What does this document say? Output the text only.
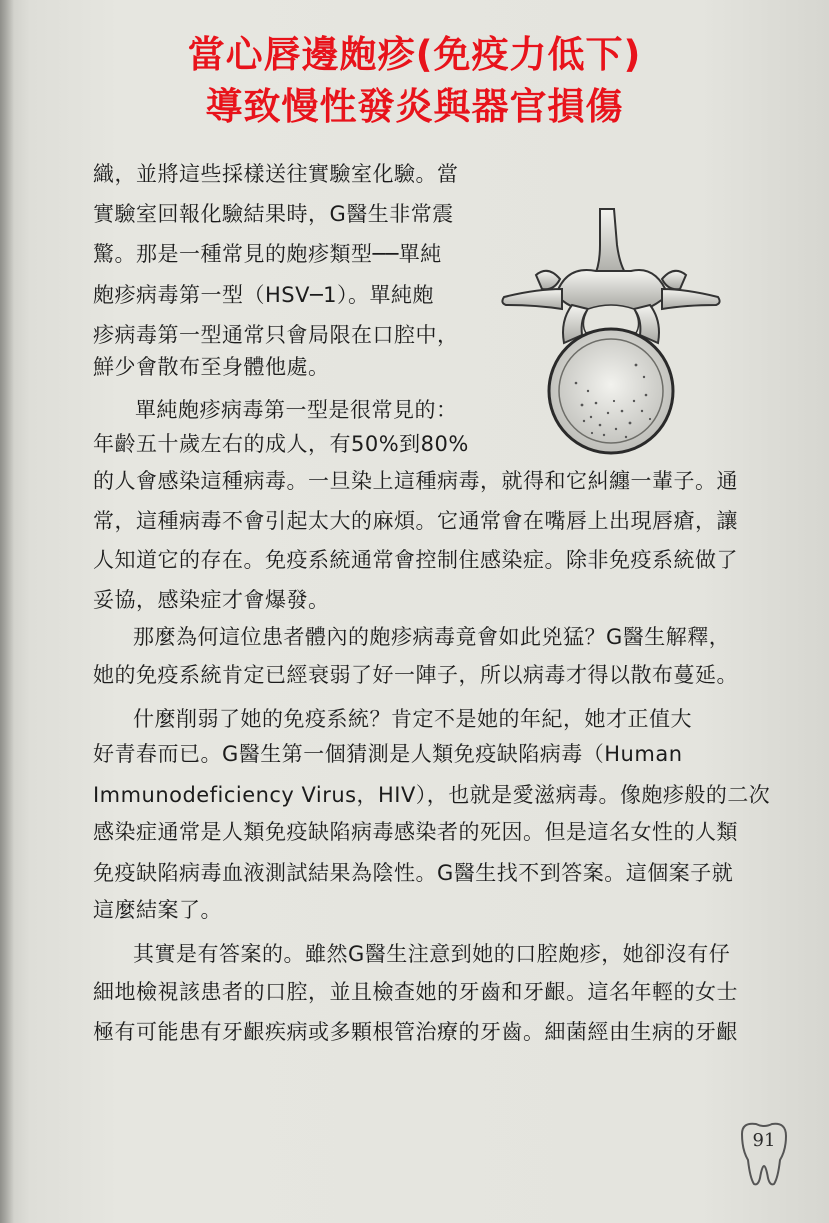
當心唇邊皰疹(免疫力低下)
導致慢性發炎與器官損傷
織，並將這些採樣送往實驗室化驗。當
實驗室回報化驗結果時，G醫生非常震
驚。那是一種常見的皰疹類型──單純
皰疹病毒第一型（HSV─1）。單純皰
疹病毒第一型通常只會局限在口腔中，
鮮少會散布至身體他處。
單純皰疹病毒第一型是很常見的：
年齡五十歲左右的成人，有50%到80%
的人會感染這種病毒。一旦染上這種病毒，就得和它糾纏一輩子。通
常，這種病毒不會引起太大的麻煩。它通常會在嘴唇上出現唇瘡，讓
人知道它的存在。免疫系統通常會控制住感染症。除非免疫系統做了
妥協，感染症才會爆發。
那麼為何這位患者體內的皰疹病毒竟會如此兇猛？G醫生解釋，
她的免疫系統肯定已經衰弱了好一陣子，所以病毒才得以散布蔓延。
什麼削弱了她的免疫系統？肯定不是她的年紀，她才正值大
好青春而已。G醫生第一個猜測是人類免疫缺陷病毒（Human
Immunodeficiency Virus，HIV），也就是愛滋病毒。像皰疹般的二次
感染症通常是人類免疫缺陷病毒感染者的死因。但是這名女性的人類
免疫缺陷病毒血液測試結果為陰性。G醫生找不到答案。這個案子就
這麼結案了。
其實是有答案的。雖然G醫生注意到她的口腔皰疹，她卻沒有仔
細地檢視該患者的口腔，並且檢查她的牙齒和牙齦。這名年輕的女士
極有可能患有牙齦疾病或多顆根管治療的牙齒。細菌經由生病的牙齦
91
